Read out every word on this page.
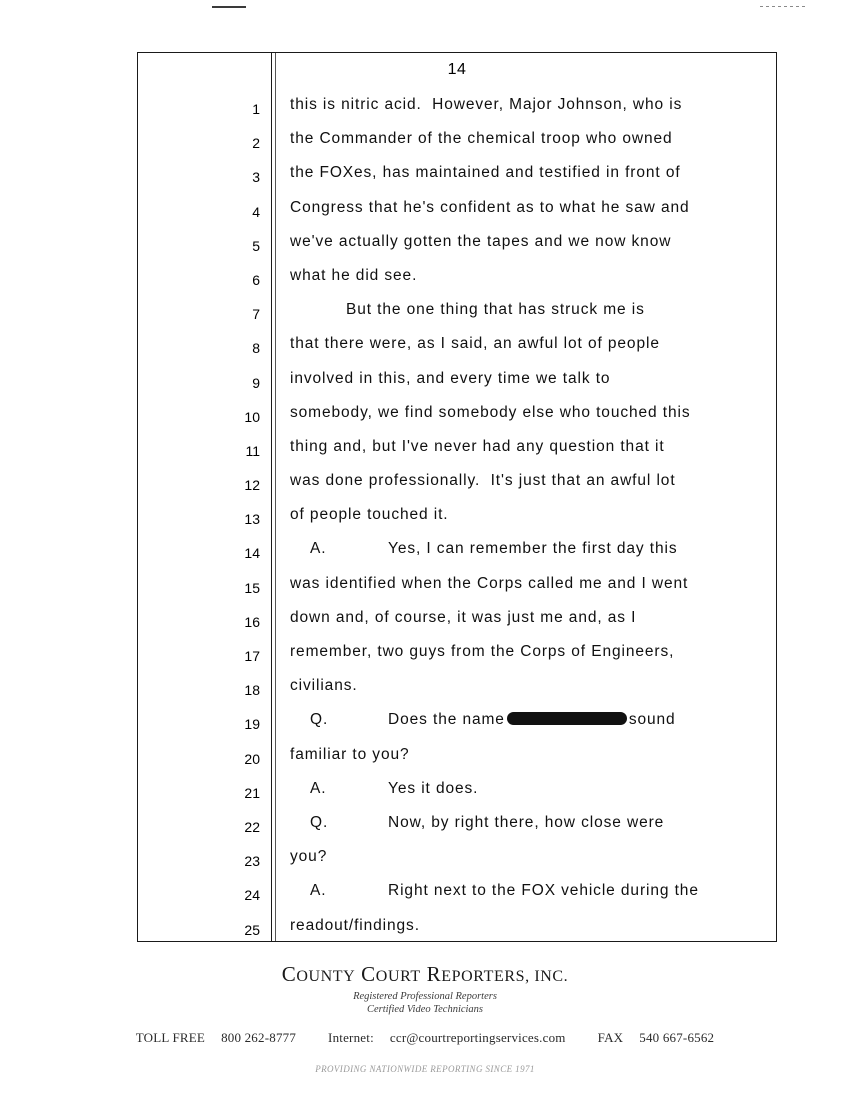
14
1 this is nitric acid.  However, Major Johnson, who is
2 the Commander of the chemical troop who owned
3 the FOXes, has maintained and testified in front of
4 Congress that he's confident as to what he saw and
5 we've actually gotten the tapes and we now know
6 what he did see.
7	But the one thing that has struck me is
8 that there were, as I said, an awful lot of people
9 involved in this, and every time we talk to
10 somebody, we find somebody else who touched this
11 thing and, but I've never had any question that it
12 was done professionally.  It's just that an awful lot
13 of people touched it.
14	A.	Yes, I can remember the first day this
15 was identified when the Corps called me and I went
16 down and, of course, it was just me and, as I
17 remember, two guys from the Corps of Engineers,
18 civilians.
19	Q.	Does the name	sound
20 familiar to you?
21	A.	Yes it does.
22	Q.	Now, by right there, how close were
23 you?
24	A.	Right next to the FOX vehicle during the
25 readout/findings.
COUNTY COURT REPORTERS, INC.
Registered Professional Reporters
Certified Video Technicians
TOLL FREE 800 262-8777 Internet: ccr@courtreportingservices.com FAX 540 667-6562
PROVIDING NATIONWIDE REPORTING SINCE 1971
